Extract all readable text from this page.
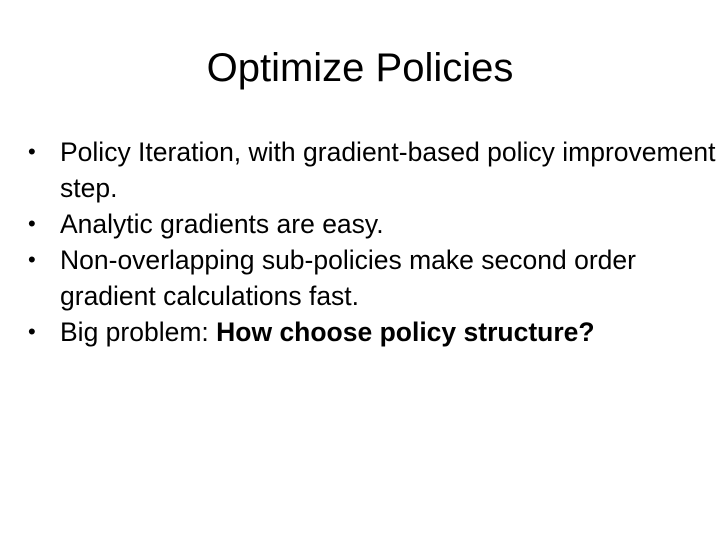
Optimize Policies
• Policy Iteration, with gradient-based policy improvement step.
• Analytic gradients are easy.
• Non-overlapping sub-policies make second order gradient calculations fast.
• Big problem: How choose policy structure?
